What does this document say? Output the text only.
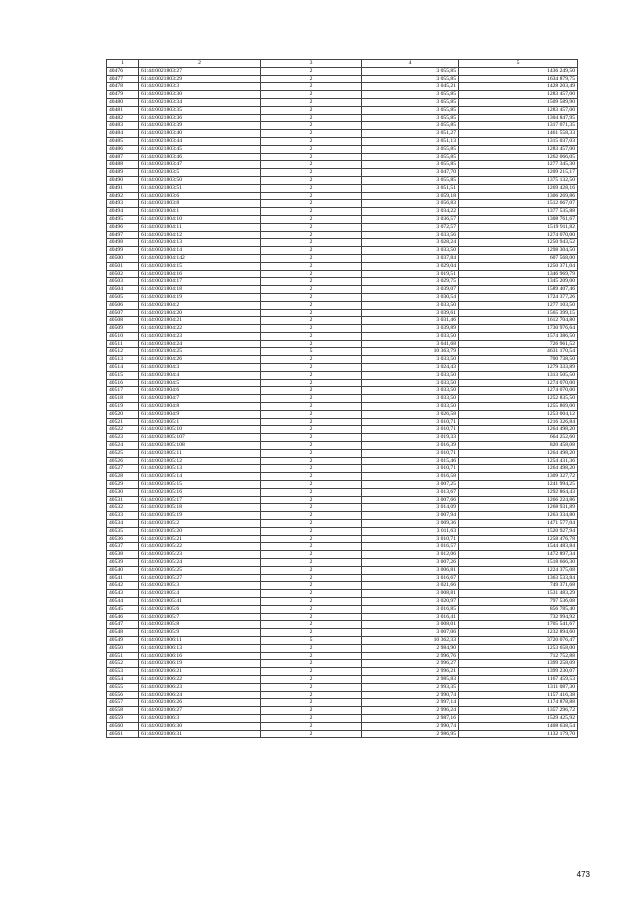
1	2	3	4	5
40476	61:44:0021803:27	2	3 055,85	1436 249,50
40477	61:44:0021803:29	2	3 055,85	1634 879,75
40478	61:44:0021803:3	2	3 045,21	1428 203,49
40479	61:44:0021803:30	2	3 055,85	1283 457,00
40480	61:44:0021803:34	2	3 055,85	1509 589,90
40481	61:44:0021803:35	2	3 055,85	1283 457,00
40482	61:44:0021803:36	2	3 055,85	1304 847,95
40483	61:44:0021803:39	2	3 055,85	1317 071,35
40484	61:44:0021803:40	2	3 051,27	1461 558,33
40485	61:44:0021803:44	2	3 051,13	1315 037,03
40486	61:44:0021803:45	2	3 055,85	1283 457,00
40487	61:44:0021803:46	2	3 055,85	1262 066,05
40488	61:44:0021803:47	2	3 055,85	1277 345,30
40489	61:44:0021803:5	2	3 047,70	1209 215,17
40490	61:44:0021803:50	2	3 055,85	1375 132,50
40491	61:44:0021803:51	2	3 051,51	1269 428,16
40492	61:44:0021803:6	2	3 059,18	1306 269,86
40493	61:44:0021803:8	2	3 056,83	1512 667,07
40494	61:44:0021804:1	2	3 034,22	1377 535,88
40495	61:44:0021804:10	2	3 036,57	1308 761,67
40496	61:44:0021804:11	2	3 072,57	1519 911,82
40497	61:44:0021804:12	2	3 033,56	1274 070,00
40498	61:44:0021804:13	2	3 028,24	1250 943,52
40499	61:44:0021804:14	2	3 033,50	1298 304,50
40500	61:44:0021804:142	2	3 037,84	607 568,00
40501	61:44:0021804:15	2	3 029,04	1250 371,04
40502	61:44:0021804:16	2	3 019,51	1346 969,79
40503	61:44:0021804:17	2	3 029,75	1345 209,00
40504	61:44:0021804:18	2	3 039,07	1589 407,46
40505	61:44:0021804:19	2	3 030,54	1724 377,26
40506	61:44:0021804:2	2	3 033,50	1277 103,50
40507	61:44:0021804:20	2	3 039,61	1565 399,15
40508	61:44:0021804:21	2	3 031,46	1612 704,80
40509	61:44:0021804:22	2	3 039,89	1730 976,64
40510	61:44:0021804:23	2	3 033,50	1574 386,50
40511	61:44:0021804:24	2	3 041,68	726 961,52
40512	61:44:0021804:25	5	10 363,79	4631 170,54
40513	61:44:0021804:26	2	3 033,50	700 738,50
40514	61:44:0021804:3	2	3 024,43	1279 333,89
40515	61:44:0021804:4	2	3 033,50	1313 505,50
40516	61:44:0021804:5	2	3 033,50	1274 070,00
40517	61:44:0021804:6	2	3 033,50	1274 070,00
40518	61:44:0021804:7	2	3 033,50	1252 835,50
40519	61:44:0021804:8	2	3 033,50	1255 869,00
40520	61:44:0021804:9	2	3 026,58	1253 004,12
40521	61:44:0021805:1	2	3 010,71	1216 326,84
40522	61:44:0021805:10	2	3 010,71	1264 498,20
40523	61:44:0021805:107	2	3 019,33	664 252,60
40524	61:44:0021805:108	2	3 016,39	820 458,08
40525	61:44:0021805:11	2	3 010,71	1264 498,20
40526	61:44:0021805:12	2	3 015,46	1254 431,36
40527	61:44:0021805:13	2	3 010,71	1264 498,20
40528	61:44:0021805:14	2	3 016,58	1309 327,72
40529	61:44:0021805:15	2	3 007,25	1241 994,25
40530	61:44:0021805:16	2	3 013,67	1292 864,43
40531	61:44:0021805:17	2	3 007,66	1266 224,86
40532	61:44:0021805:18	2	3 014,09	1268 931,89
40533	61:44:0021805:19	2	3 007,94	1263 334,80
40534	61:44:0021805:2	2	3 009,36	1471 577,04
40535	61:44:0021805:20	2	3 011,63	1520 927,94
40536	61:44:0021805:21	2	3 010,71	1258 476,78
40537	61:44:0021805:22	2	3 016,57	1544 483,84
40538	61:44:0021805:23	2	3 012,06	1472 897,34
40539	61:44:0021805:24	2	3 007,26	1518 666,30
40540	61:44:0021805:25	2	3 006,81	1224 375,08
40541	61:44:0021805:27	2	3 016,67	1363 533,84
40542	61:44:0021805:3	2	3 021,66	749 371,68
40543	61:44:0021805:4	2	3 008,81	1531 483,29
40544	61:44:0021805:41	2	3 020,97	797 536,08
40545	61:44:0021805:6	2	3 016,85	856 785,40
40546	61:44:0021805:7	2	3 016,41	732 994,92
40547	61:44:0021805:8	2	3 008,01	1705 541,67
40548	61:44:0021805:9	2	3 007,06	1232 894,60
40549	61:44:0021806:11	5	10 362,33	3720 076,47
40550	61:44:0021806:13	2	2 984,90	1253 658,00
40551	61:44:0021806:16	2	2 996,76	712 752,88
40552	61:44:0021806:19	2	2 996,27	1399 258,09
40553	61:44:0021806:21	2	2 996,21	1399 230,07
40554	61:44:0021806:22	2	2 985,83	1167 459,53
40555	61:44:0021806:23	2	2 993,35	1311 087,30
40556	61:44:0021806:24	2	2 990,74	1157 416,38
40557	61:44:0021806:26	2	2 997,14	1174 878,88
40558	61:44:0021806:27	2	2 996,24	1357 296,72
40559	61:44:0021806:3	2	2 987,16	1529 425,92
40560	61:44:0021806:30	2	2 990,74	1408 638,54
40561	61:44:0021806:31	2	2 986,95	1132 179,70
473
